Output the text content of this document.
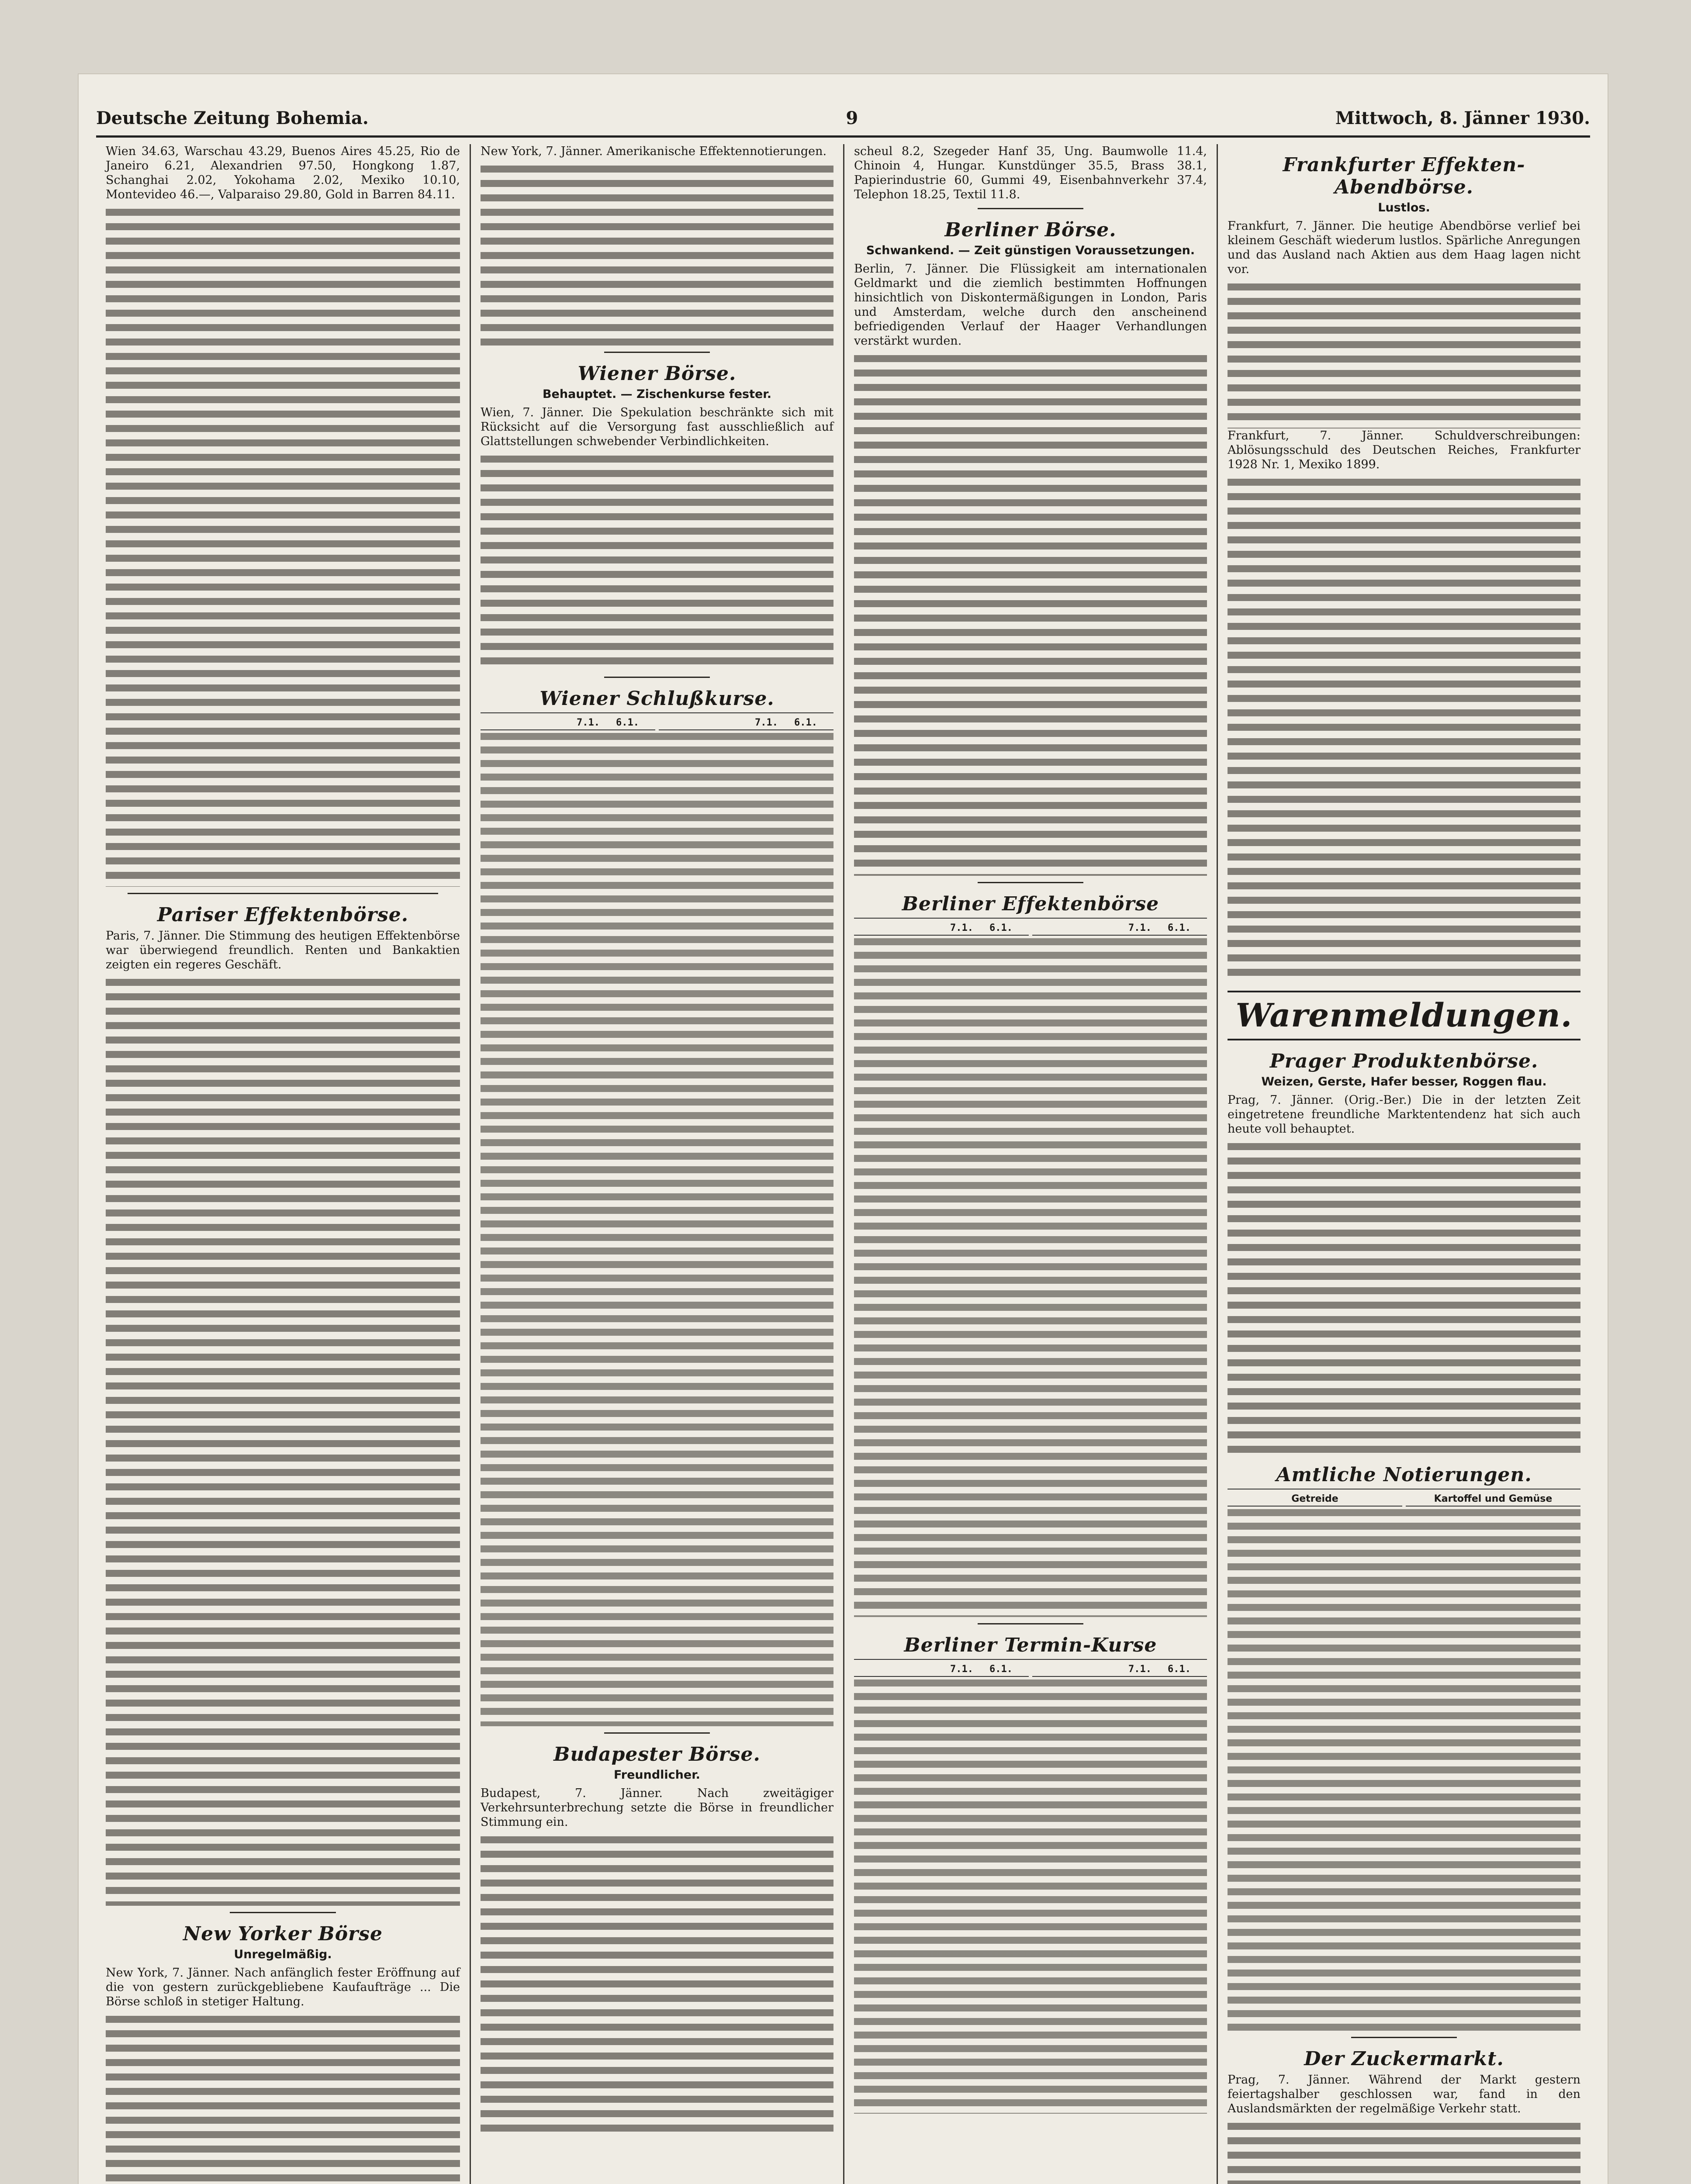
Deutsche Zeitung Bohemia.	9	Mittwoch, 8. Jänner 1930.

Wien 34.63, Warschau 43.29, Buenos Aires 45.25, Rio de Janeiro 6.21, Alexandrien 97.50, Hongkong 1.87, Schanghai 2.02, Yokohama 2.02, Mexiko 10.10, Montevideo 46.—, Valparaiso 29.80, Gold in Barren 84.11.

Pariser Effektenbörse.

Paris, 7. Jänner. Die Stimmung des heutigen Effektenbörse war überwiegend freundlich. Renten und Bankaktien zeigten ein regeres Geschäft.

New Yorker Börse
Unregelmäßig.

New York, 7. Jänner. Nach anfänglich fester Eröffnung auf die von gestern zurückgebliebene Kaufaufträge ... Die Börse schloß in stetiger Haltung.

New York, 7. Jänner. Amerikanische Effektennotierungen.

Wiener Börse.
Behauptet. — Zischenkurse fester.

Wien, 7. Jänner. Die Spekulation beschränkte sich mit Rücksicht auf die Versorgung fast ausschließlich auf Glattstellungen schwebender Verbindlichkeiten.

Wiener Schlußkurse.
7.1.	6.1.	7.1.	6.1.
Budapester Börse.
Freundlicher.

Budapest, 7. Jänner. Nach zweitägiger Verkehrsunterbrechung setzte die Börse in freundlicher Stimmung ein.

scheul 8.2, Szegeder Hanf 35, Ung. Baumwolle 11.4, Chinoin 4, Hungar. Kunstdünger 35.5, Brass 38.1, Papierindustrie 60, Gummi 49, Eisenbahnverkehr 37.4, Telephon 18.25, Textil 11.8.

Berliner Börse.
Schwankend. — Zeit günstigen Voraussetzungen.

Berlin, 7. Jänner. Die Flüssigkeit am internationalen Geldmarkt und die ziemlich bestimmten Hoffnungen hinsichtlich von Diskontermäßigungen in London, Paris und Amsterdam, welche durch den anscheinend befriedigenden Verlauf der Haager Verhandlungen verstärkt wurden.

Berliner Effektenbörse
7.1.	6.1.	7.1.	6.1.
Berliner Termin-Kurse
7.1.	6.1.	7.1.	6.1.
Frankfurter Effekten-Abendbörse.
Lustlos.

Frankfurt, 7. Jänner. Die heutige Abendbörse verlief bei kleinem Geschäft wiederum lustlos. Spärliche Anregungen und das Ausland nach Aktien aus dem Haag lagen nicht vor.

Frankfurt, 7. Jänner. Schuldverschreibungen: Ablösungsschuld des Deutschen Reiches, Frankfurter 1928 Nr. 1, Mexiko 1899.

Warenmeldungen.
Prager Produktenbörse.
Weizen, Gerste, Hafer besser, Roggen flau.

Prag, 7. Jänner. (Orig.-Ber.) Die in der letzten Zeit eingetretene freundliche Marktentendenz hat sich auch heute voll behauptet.

Amtliche Notierungen.
Getreide	Kartoffel und Gemüse
Der Zuckermarkt.

Prag, 7. Jänner. Während der Markt gestern feiertagshalber geschlossen war, fand in den Auslandsmärkten der regelmäßige Verkehr statt.
